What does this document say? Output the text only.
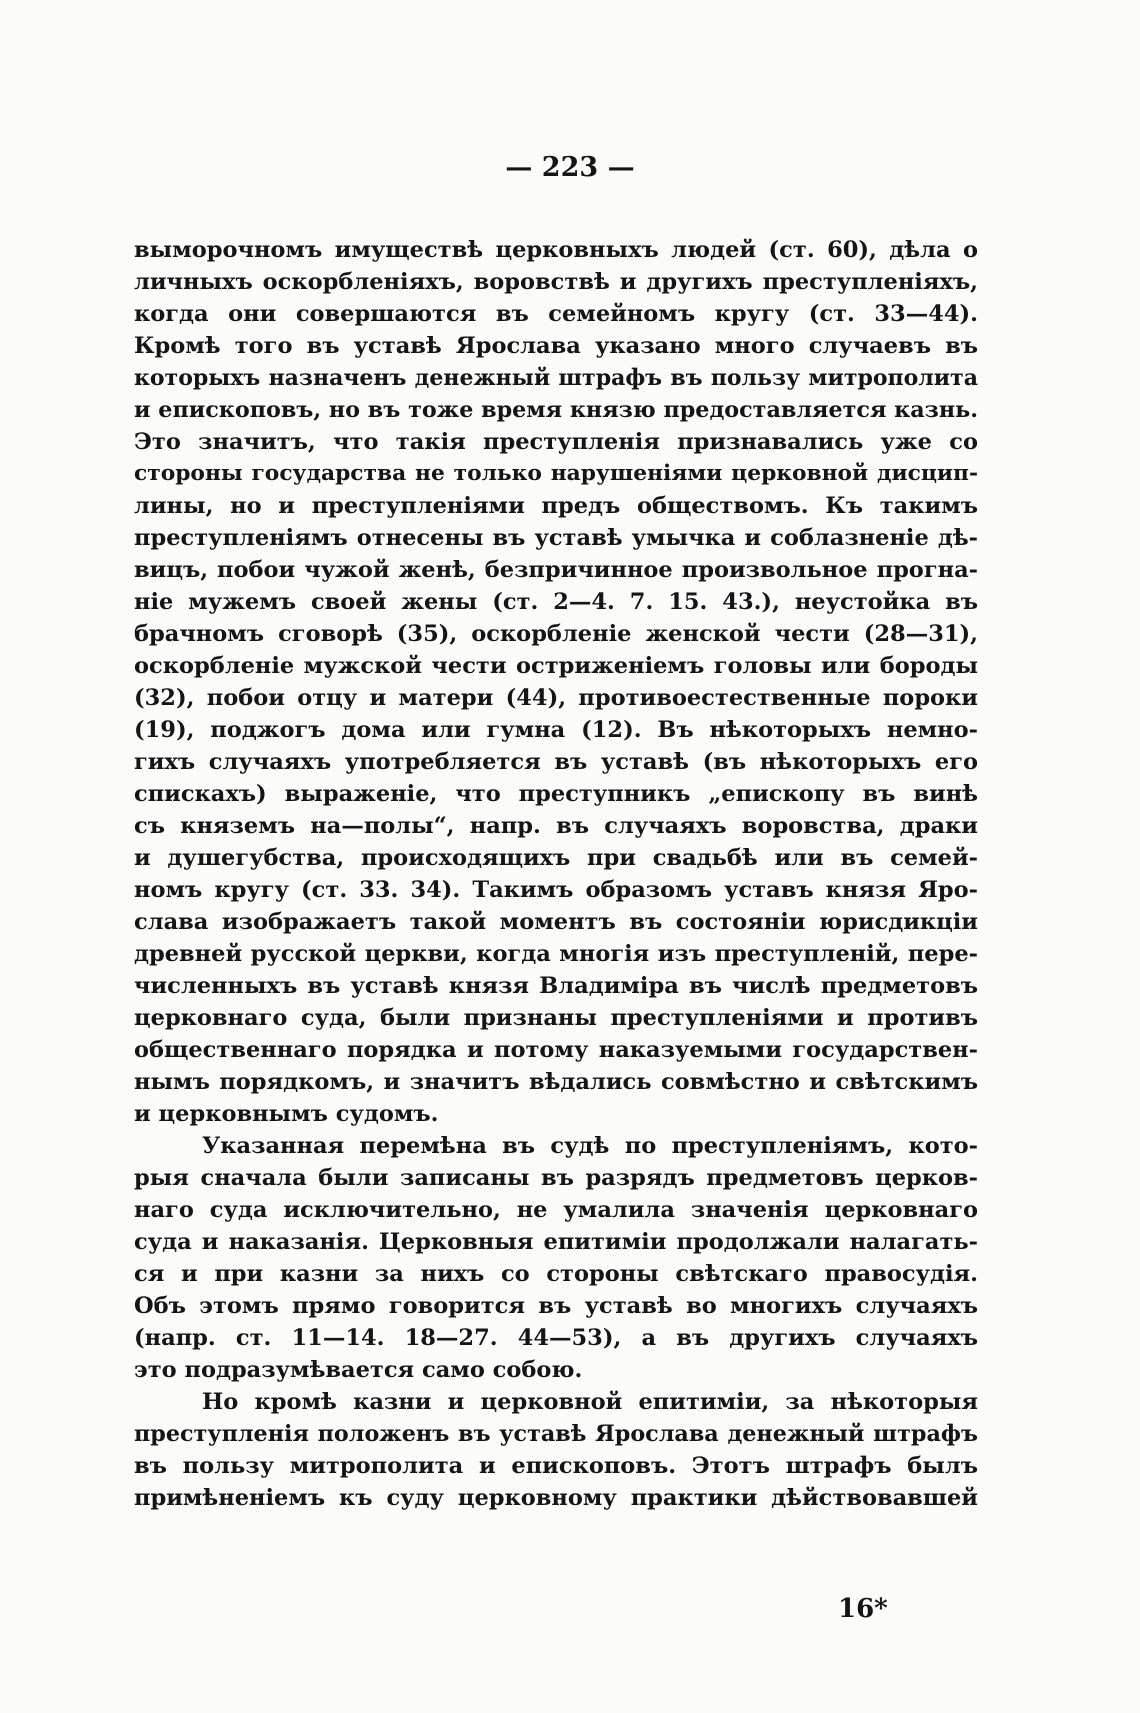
— 223 —
выморочномъ имуществѣ церковныхъ людей (ст. 60), дѣла о
личныхъ оскорбленіяхъ, воровствѣ и другихъ преступленіяхъ,
когда они совершаются въ семейномъ кругу (ст. 33—44).
Кромѣ того въ уставѣ Ярослава указано много случаевъ въ
которыхъ назначенъ денежный штрафъ въ пользу митрополита
и епископовъ, но въ тоже время князю предоставляется казнь.
Это значитъ, что такія преступленія признавались уже со
стороны государства не только нарушеніями церковной дисцип-
лины, но и преступленіями предъ обществомъ. Къ такимъ
преступленіямъ отнесены въ уставѣ умычка и соблазненіе дѣ-
вицъ, побои чужой женѣ, безпричинное произвольное прогна-
ніе мужемъ своей жены (ст. 2—4. 7. 15. 43.), неустойка въ
брачномъ сговорѣ (35), оскорбленіе женской чести (28—31),
оскорбленіе мужской чести остриженіемъ головы или бороды
(32), побои отцу и матери (44), противоестественные пороки
(19), поджогъ дома или гумна (12). Въ нѣкоторыхъ немно-
гихъ случаяхъ употребляется въ уставѣ (въ нѣкоторыхъ его
спискахъ) выраженіе, что преступникъ „епископу въ винѣ
съ княземъ на—полы“, напр. въ случаяхъ воровства, драки
и душегубства, происходящихъ при свадьбѣ или въ семей-
номъ кругу (ст. 33. 34). Такимъ образомъ уставъ князя Яро-
слава изображаетъ такой моментъ въ состояніи юрисдикціи
древней русской церкви, когда многія изъ преступленій, пере-
численныхъ въ уставѣ князя Владиміра въ числѣ предметовъ
церковнаго суда, были признаны преступленіями и противъ
общественнаго порядка и потому наказуемыми государствен-
нымъ порядкомъ, и значитъ вѣдались совмѣстно и свѣтскимъ
и церковнымъ судомъ.
Указанная перемѣна въ судѣ по преступленіямъ, кото-
рыя сначала были записаны въ разрядъ предметовъ церков-
наго суда исключительно, не умалила значенія церковнаго
суда и наказанія. Церковныя епитиміи продолжали налагать-
ся и при казни за нихъ со стороны свѣтскаго правосудія.
Объ этомъ прямо говорится въ уставѣ во многихъ случаяхъ
(напр. ст. 11—14. 18—27. 44—53), а въ другихъ случаяхъ
это подразумѣвается само собою.
Но кромѣ казни и церковной епитиміи, за нѣкоторыя
преступленія положенъ въ уставѣ Ярослава денежный штрафъ
въ пользу митрополита и епископовъ. Этотъ штрафъ былъ
примѣненіемъ къ суду церковному практики дѣйствовавшей
16*
